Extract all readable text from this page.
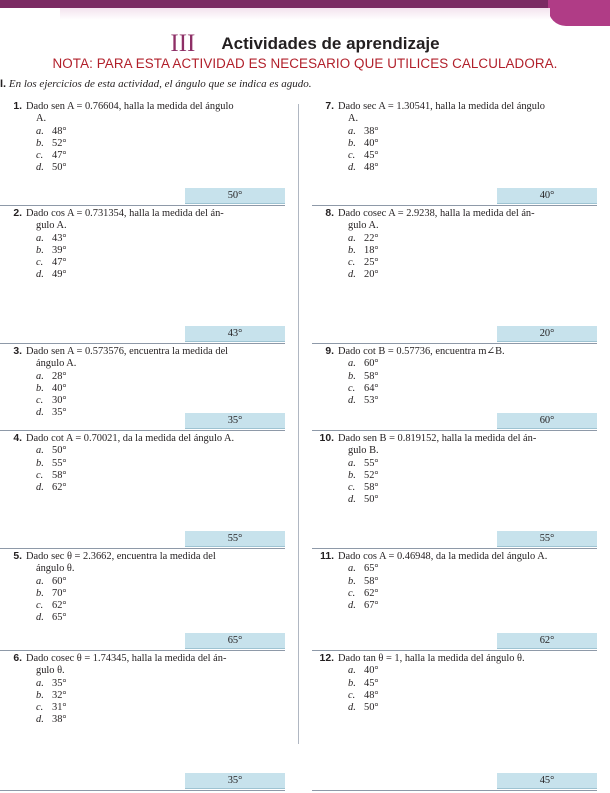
III Actividades de aprendizaje
NOTA: PARA ESTA ACTIVIDAD ES NECESARIO QUE UTILICES CALCULADORA.
I. En los ejercicios de esta actividad, el ángulo que se indica es agudo.
1. Dado sen A = 0.76604, halla la medida del ángulo
A.
a. 48°
b. 52°
c. 47°
d. 50°
50°
2. Dado cos A = 0.731354, halla la medida del án-
gulo A.
a. 43°
b. 39°
c. 47°
d. 49°
43°
3. Dado sen A = 0.573576, encuentra la medida del
ángulo A.
a. 28°
b. 40°
c. 30°
d. 35°
35°
4. Dado cot A = 0.70021, da la medida del ángulo A.
a. 50°
b. 55°
c. 58°
d. 62°
55°
5. Dado sec θ = 2.3662, encuentra la medida del
ángulo θ.
a. 60°
b. 70°
c. 62°
d. 65°
65°
6. Dado cosec θ = 1.74345, halla la medida del án-
gulo θ.
a. 35°
b. 32°
c. 31°
d. 38°
35°
7. Dado sec A = 1.30541, halla la medida del ángulo
A.
a. 38°
b. 40°
c. 45°
d. 48°
40°
8. Dado cosec A = 2.9238, halla la medida del án-
gulo A.
a. 22°
b. 18°
c. 25°
d. 20°
20°
9. Dado cot B = 0.57736, encuentra m∠B.
a. 60°
b. 58°
c. 64°
d. 53°
60°
10. Dado sen B = 0.819152, halla la medida del án-
gulo B.
a. 55°
b. 52°
c. 58°
d. 50°
55°
11. Dado cos A = 0.46948, da la medida del ángulo A.
a. 65°
b. 58°
c. 62°
d. 67°
62°
12. Dado tan θ = 1, halla la medida del ángulo θ.
a. 40°
b. 45°
c. 48°
d. 50°
45°
